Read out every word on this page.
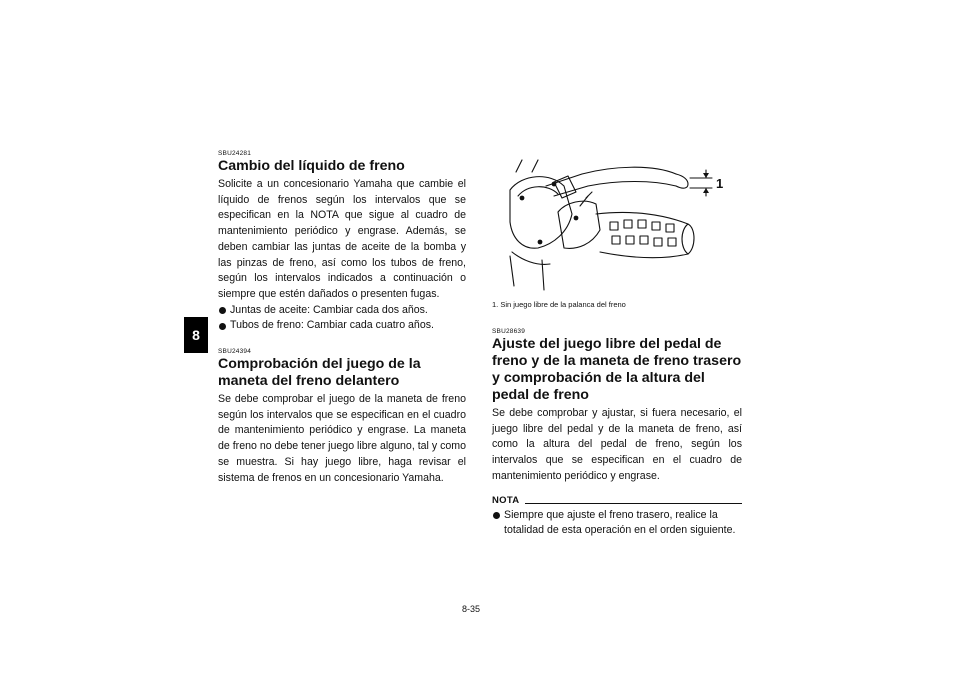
8
SBU24281
Cambio del líquido de freno

Solicite a un concesionario Yamaha que cambie el líquido de frenos según los intervalos que se especifican en la NOTA que sigue al cuadro de mantenimiento periódico y engrase. Además, se deben cambiar las juntas de aceite de la bomba y las pinzas de freno, así como los tubos de freno, según los intervalos indicados a continuación o siempre que estén dañados o presenten fugas.

Juntas de aceite: Cambiar cada dos años.
Tubos de freno: Cambiar cada cuatro años.
SBU24394
Comprobación del juego de la maneta del freno delantero

Se debe comprobar el juego de la maneta de freno según los intervalos que se especifican en el cuadro de mantenimiento periódico y engrase. La maneta de freno no debe tener juego libre alguno, tal y como se muestra. Si hay juego libre, haga revisar el sistema de frenos en un concesionario Yamaha.

1

1. Sin juego libre de la palanca del freno

SBU28639
Ajuste del juego libre del pedal de freno y de la maneta de freno trasero y comprobación de la altura del pedal de freno

Se debe comprobar y ajustar, si fuera necesario, el juego libre del pedal y de la maneta de freno, así como la altura del pedal de freno, según los intervalos que se especifican en el cuadro de mantenimiento periódico y engrase.

NOTA
Siempre que ajuste el freno trasero, realice la totalidad de esta operación en el orden siguiente.
8-35
